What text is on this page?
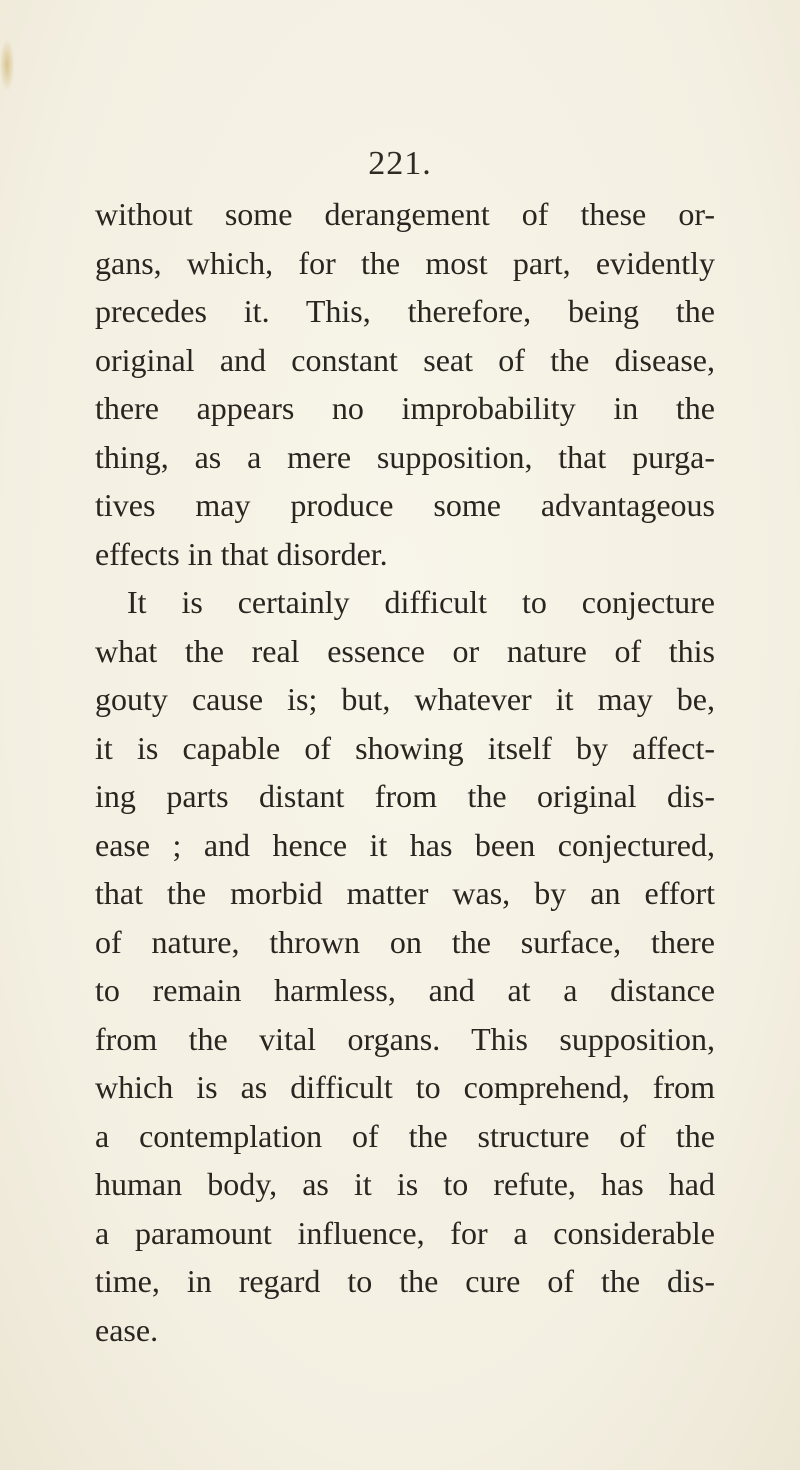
221.
without some derangement of these or-
gans, which, for the most part, evidently
precedes it. This, therefore, being the
original and constant seat of the disease,
there appears no improbability in the
thing, as a mere supposition, that purga-
tives may produce some advantageous
effects in that disorder.
It is certainly difficult to conjecture
what the real essence or nature of this
gouty cause is; but, whatever it may be,
it is capable of showing itself by affect-
ing parts distant from the original dis-
ease ; and hence it has been conjectured,
that the morbid matter was, by an effort
of nature, thrown on the surface, there
to remain harmless, and at a distance
from the vital organs. This supposition,
which is as difficult to comprehend, from
a contemplation of the structure of the
human body, as it is to refute, has had
a paramount influence, for a considerable
time, in regard to the cure of the dis-
ease.
